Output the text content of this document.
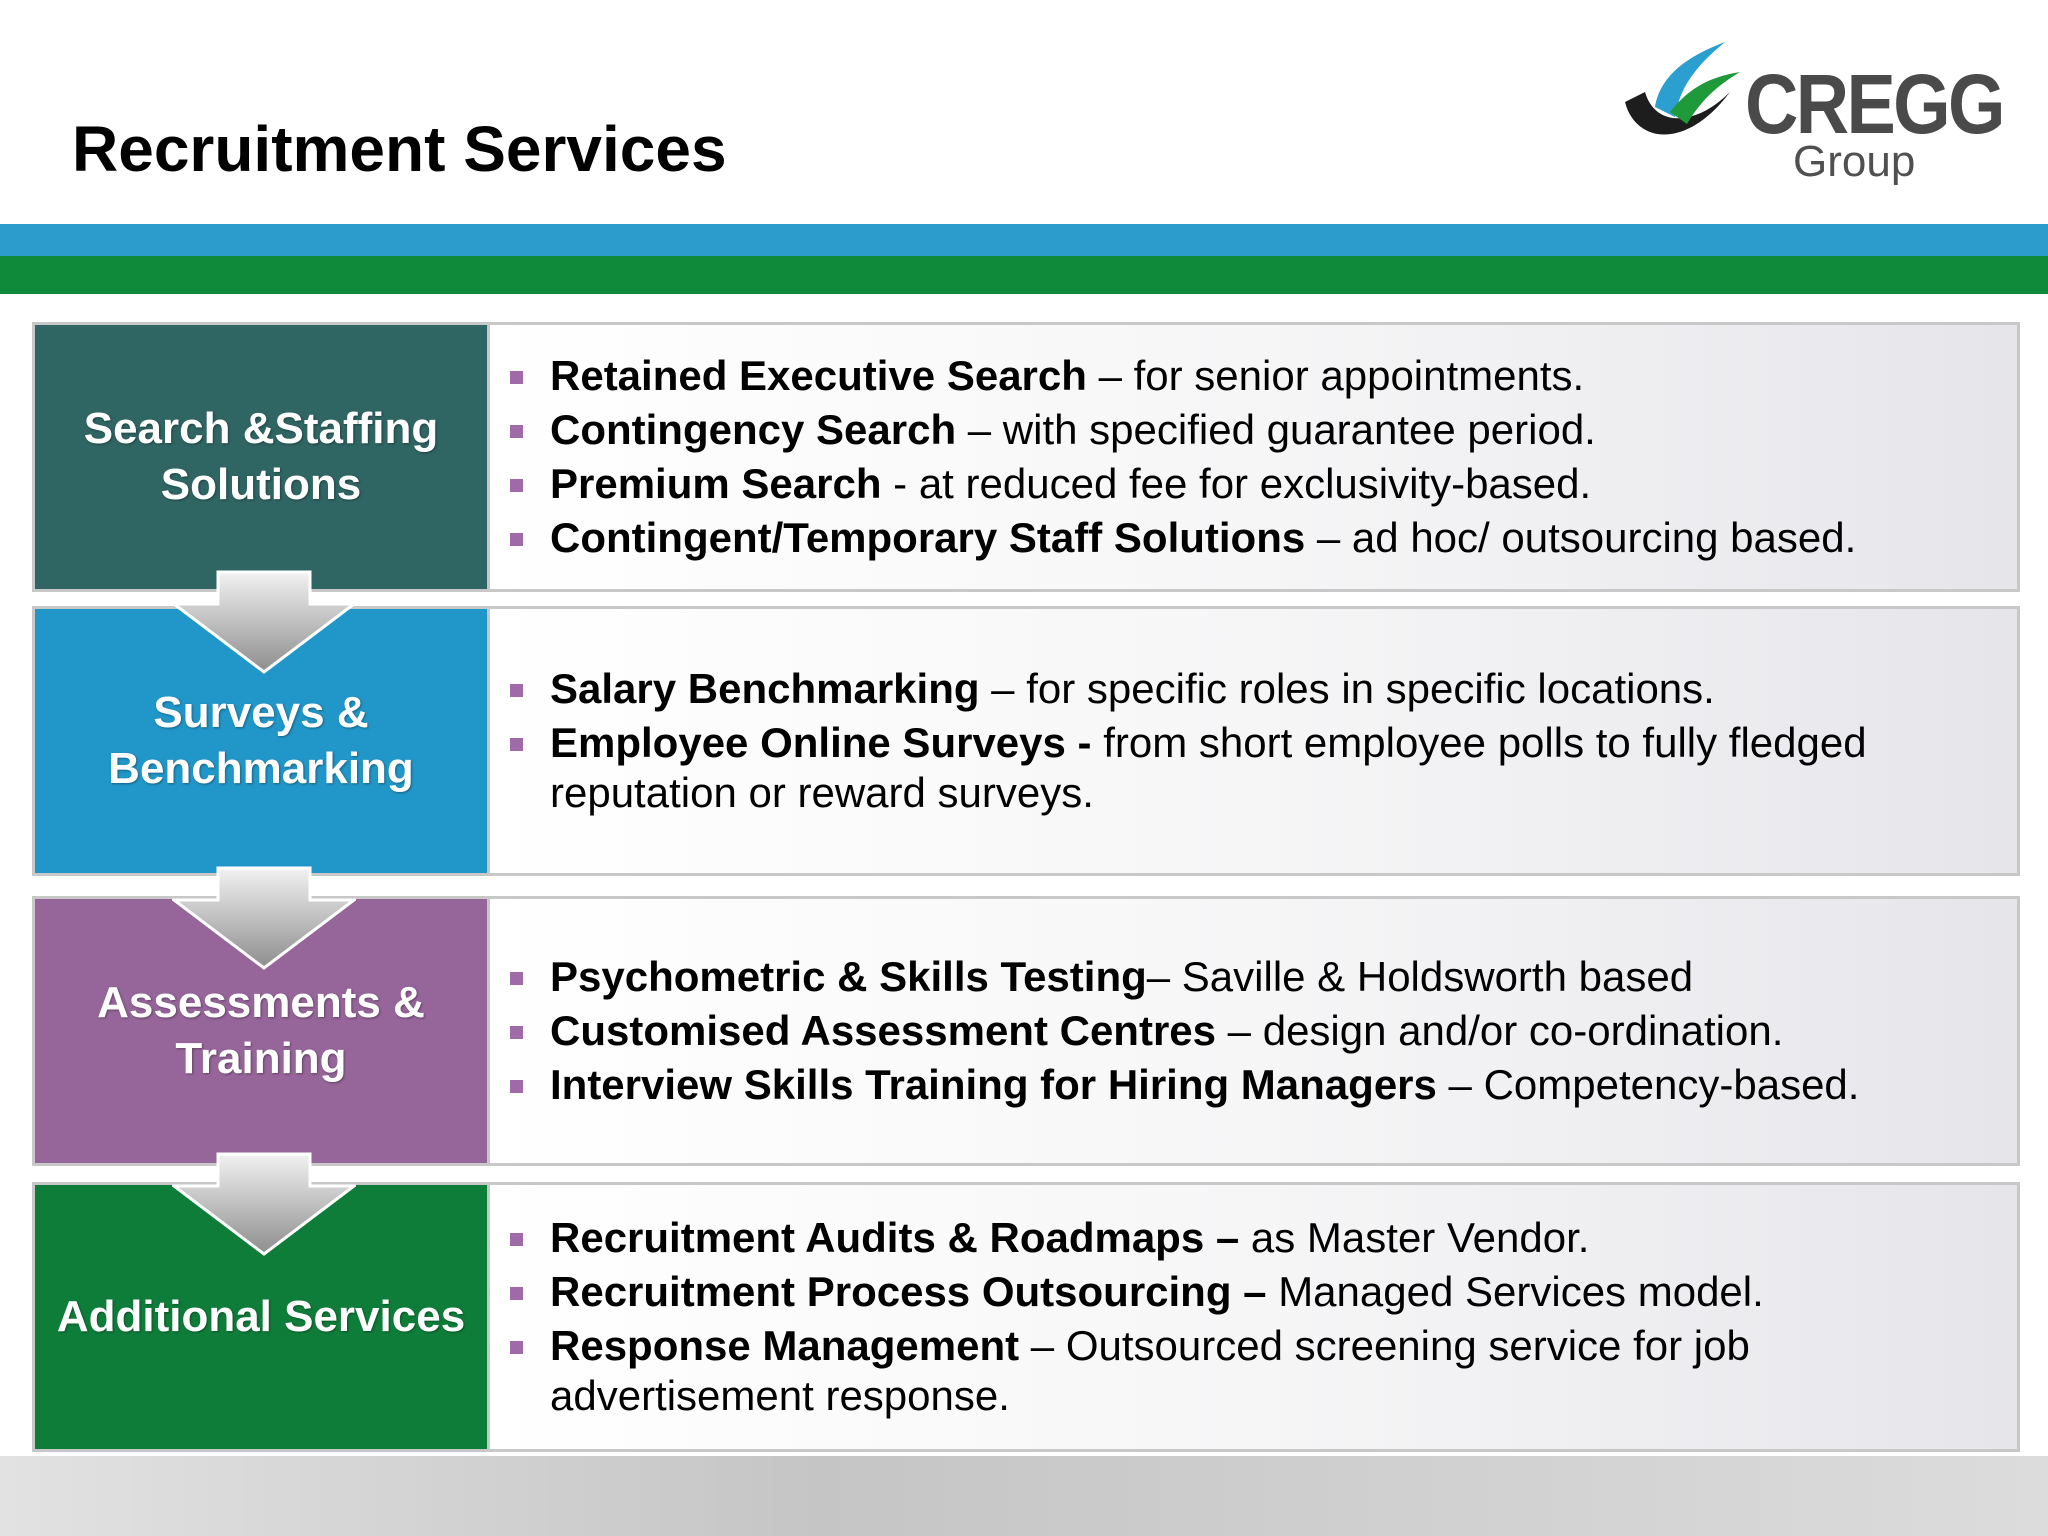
Recruitment Services	CREGG
Group
Search &Staffing
Solutions
Retained Executive Search – for senior appointments.
Contingency Search – with specified guarantee period.
Premium Search - at reduced fee for exclusivity-based.
Contingent/Temporary Staff Solutions – ad hoc/ outsourcing based.
Surveys &
Benchmarking
Salary Benchmarking – for specific roles in specific locations.
Employee Online Surveys - from short employee polls to fully fledged reputation or reward surveys.
Assessments &
Training
Psychometric & Skills Testing– Saville & Holdsworth based
Customised Assessment Centres – design and/or co-ordination.
Interview Skills Training for Hiring Managers – Competency-based.
Additional Services
Recruitment Audits & Roadmaps – as Master Vendor.
Recruitment Process Outsourcing – Managed Services model.
Response Management – Outsourced screening service for job advertisement response.
